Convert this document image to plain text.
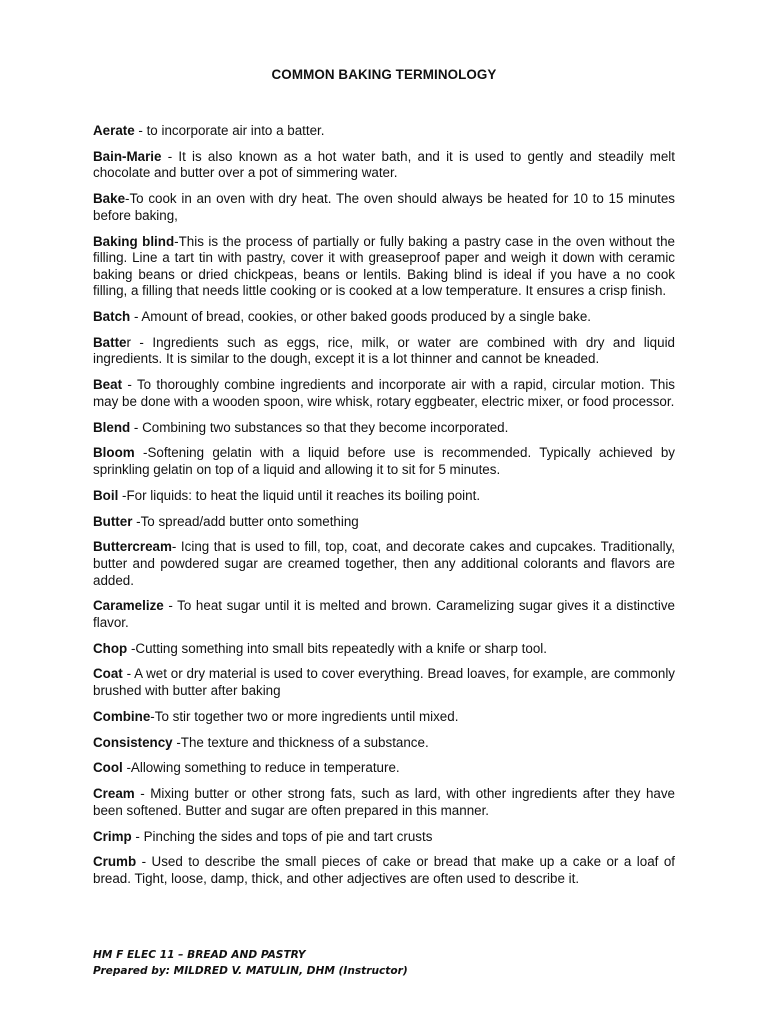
COMMON BAKING TERMINOLOGY

Aerate - to incorporate air into a batter.

Bain-Marie - It is also known as a hot water bath, and it is used to gently and steadily melt chocolate and butter over a pot of simmering water.

Bake-To cook in an oven with dry heat. The oven should always be heated for 10 to 15 minutes before baking,

Baking blind-This is the process of partially or fully baking a pastry case in the oven without the filling. Line a tart tin with pastry, cover it with greaseproof paper and weigh it down with ceramic baking beans or dried chickpeas, beans or lentils. Baking blind is ideal if you have a no cook filling, a filling that needs little cooking or is cooked at a low temperature. It ensures a crisp finish.

Batch - Amount of bread, cookies, or other baked goods produced by a single bake.

Batter - Ingredients such as eggs, rice, milk, or water are combined with dry and liquid ingredients. It is similar to the dough, except it is a lot thinner and cannot be kneaded.

Beat - To thoroughly combine ingredients and incorporate air with a rapid, circular motion. This may be done with a wooden spoon, wire whisk, rotary eggbeater, electric mixer, or food processor.

Blend - Combining two substances so that they become incorporated.

Bloom -Softening gelatin with a liquid before use is recommended. Typically achieved by sprinkling gelatin on top of a liquid and allowing it to sit for 5 minutes.

Boil -For liquids: to heat the liquid until it reaches its boiling point.

Butter -To spread/add butter onto something

Buttercream- Icing that is used to fill, top, coat, and decorate cakes and cupcakes. Traditionally, butter and powdered sugar are creamed together, then any additional colorants and flavors are added.

Caramelize - To heat sugar until it is melted and brown. Caramelizing sugar gives it a distinctive flavor.

Chop -Cutting something into small bits repeatedly with a knife or sharp tool.

Coat - A wet or dry material is used to cover everything. Bread loaves, for example, are commonly brushed with butter after baking

Combine-To stir together two or more ingredients until mixed.

Consistency -The texture and thickness of a substance.

Cool -Allowing something to reduce in temperature.

Cream - Mixing butter or other strong fats, such as lard, with other ingredients after they have been softened. Butter and sugar are often prepared in this manner.

Crimp - Pinching the sides and tops of pie and tart crusts

Crumb - Used to describe the small pieces of cake or bread that make up a cake or a loaf of bread. Tight, loose, damp, thick, and other adjectives are often used to describe it.

HM F ELEC 11 – BREAD AND PASTRY
Prepared by: MILDRED V. MATULIN, DHM (Instructor)
